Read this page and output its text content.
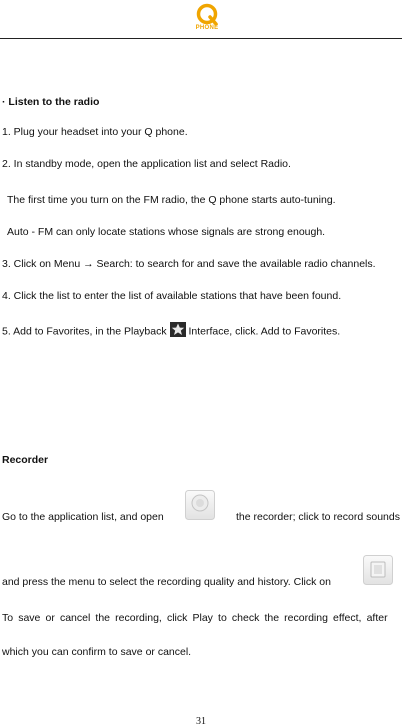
PHONE
· Listen to the radio
1. Plug your headset into your Q phone.
2. In standby mode, open the application list and select Radio.
The first time you turn on the FM radio, the Q phone starts auto-tuning.
Auto - FM can only locate stations whose signals are strong enough.
3. Click on Menu → Search: to search for and save the available radio channels.
4. Click the list to enter the list of available stations that have been found.
5. Add to Favorites, in the Playback Interface, click. Add to Favorites.
Recorder
Go to the application list, and open	the recorder; click to record sounds
and press the menu to select the recording quality and history. Click on
To save or cancel the recording, click Play to check the recording effect, after
which you can confirm to save or cancel.
31
